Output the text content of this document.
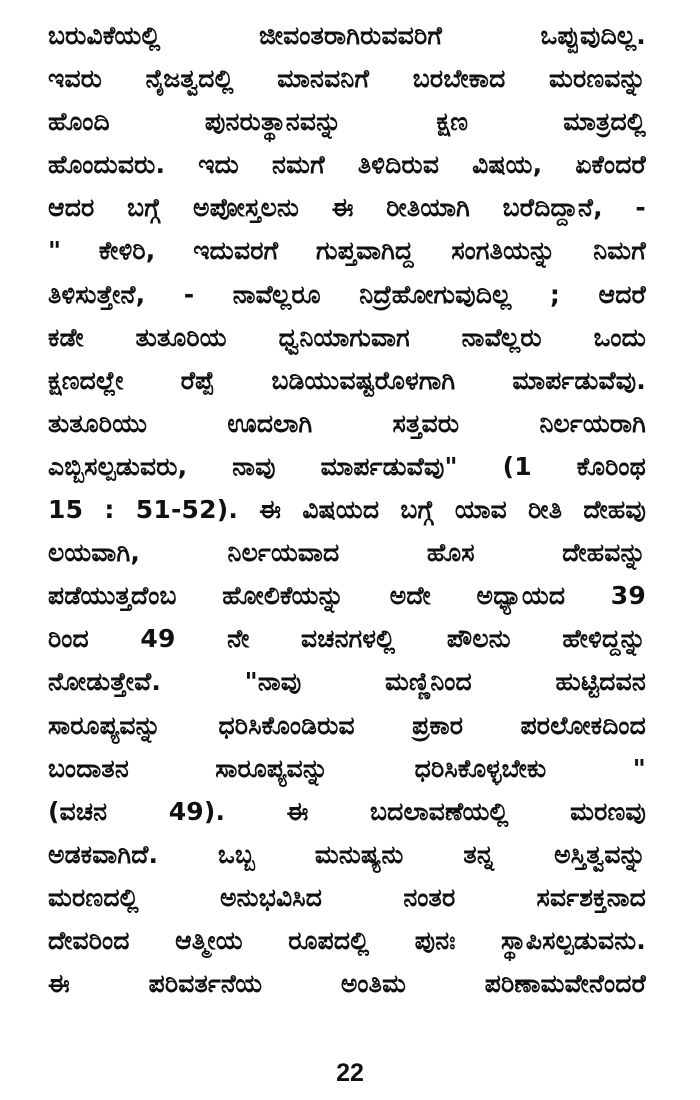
ಬರುವಿಕೆಯಲ್ಲಿ ಜೀವಂತರಾಗಿರುವವರಿಗೆ ಒಪ್ಪುವುದಿಲ್ಲ.
ಇವರು ನೈಜತ್ವದಲ್ಲಿ ಮಾನವನಿಗೆ ಬರಬೇಕಾದ ಮರಣವನ್ನು
ಹೊಂದಿ ಪುನರುತ್ಥಾನವನ್ನು ಕ್ಷಣ ಮಾತ್ರದಲ್ಲಿ
ಹೊಂದುವರು. ಇದು ನಮಗೆ ತಿಳಿದಿರುವ ವಿಷಯ, ಏಕೆಂದರೆ
ಆದರ ಬಗ್ಗೆ ಅಪೋಸ್ತಲನು ಈ ರೀತಿಯಾಗಿ ಬರೆದಿದ್ದಾನೆ, -
" ಕೇಳಿರಿ, ಇದುವರಗೆ ಗುಪ್ತವಾಗಿದ್ದ ಸಂಗತಿಯನ್ನು ನಿಮಗೆ
ತಿಳಿಸುತ್ತೇನೆ, - ನಾವೆಲ್ಲರೂ ನಿದ್ರೆಹೋಗುವುದಿಲ್ಲ ; ಆದರೆ
ಕಡೇ ತುತೂರಿಯ ಧ್ವನಿಯಾಗುವಾಗ ನಾವೆಲ್ಲರು ಒಂದು
ಕ್ಷಣದಲ್ಲೇ ರೆಪ್ಪೆ ಬಡಿಯುವಷ್ಟರೊಳಗಾಗಿ ಮಾರ್ಪಡುವೆವು.
ತುತೂರಿಯು ಊದಲಾಗಿ ಸತ್ತವರು ನಿರ್ಲಯರಾಗಿ
ಎಬ್ಬಿಸಲ್ಪಡುವರು, ನಾವು ಮಾರ್ಪಡುವೆವು" (1 ಕೊರಿಂಥ
15 : 51-52). ಈ ವಿಷಯದ ಬಗ್ಗೆ ಯಾವ ರೀತಿ ದೇಹವು
ಲಯವಾಗಿ, ನಿರ್ಲಯವಾದ ಹೊಸ ದೇಹವನ್ನು
ಪಡೆಯುತ್ತದೆಂಬ ಹೋಲಿಕೆಯನ್ನು ಅದೇ ಅಧ್ಯಾಯದ 39
ರಿಂದ 49 ನೇ ವಚನಗಳಲ್ಲಿ ಪೌಲನು ಹೇಳಿದ್ದನ್ನು
ನೋಡುತ್ತೇವೆ. "ನಾವು ಮಣ್ಣಿನಿಂದ ಹುಟ್ಟಿದವನ
ಸಾರೂಪ್ಯವನ್ನು ಧರಿಸಿಕೊಂಡಿರುವ ಪ್ರಕಾರ ಪರಲೋಕದಿಂದ
ಬಂದಾತನ ಸಾರೂಪ್ಯವನ್ನು ಧರಿಸಿಕೊಳ್ಳಬೇಕು "
(ವಚನ 49). ಈ ಬದಲಾವಣೆಯಲ್ಲಿ ಮರಣವು
ಅಡಕವಾಗಿದೆ. ಒಬ್ಬ ಮನುಷ್ಯನು ತನ್ನ ಅಸ್ತಿತ್ವವನ್ನು
ಮರಣದಲ್ಲಿ ಅನುಭವಿಸಿದ ನಂತರ ಸರ್ವಶಕ್ತನಾದ
ದೇವರಿಂದ ಆತ್ಮೀಯ ರೂಪದಲ್ಲಿ ಪುನಃ ಸ್ಥಾಪಿಸಲ್ಪಡುವನು.
ಈ ಪರಿವರ್ತನೆಯ ಅಂತಿಮ ಪರಿಣಾಮವೇನೆಂದರೆ
22
